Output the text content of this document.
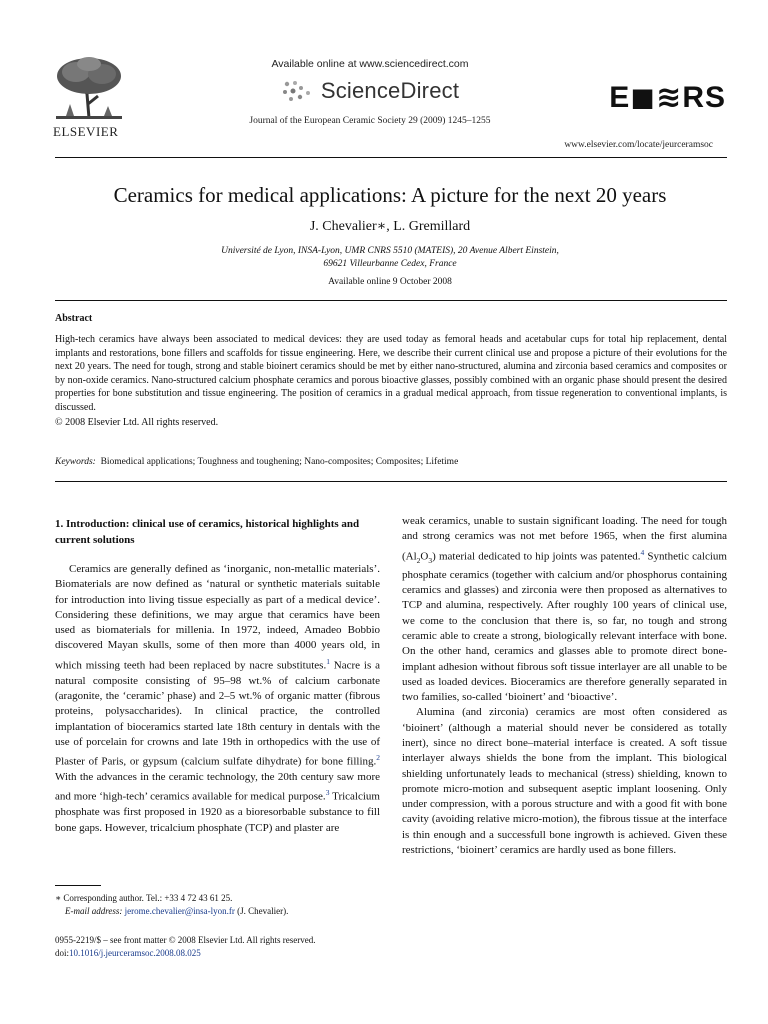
ELSEVIER
Available online at www.sciencedirect.com
ScienceDirect
Journal of the European Ceramic Society 29 (2009) 1245–1255
E◼≋RS
www.elsevier.com/locate/jeurceramsoc
Ceramics for medical applications: A picture for the next 20 years
J. Chevalier∗, L. Gremillard
Université de Lyon, INSA-Lyon, UMR CNRS 5510 (MATEIS), 20 Avenue Albert Einstein,
69621 Villeurbanne Cedex, France
Available online 9 October 2008
Abstract
High-tech ceramics have always been associated to medical devices: they are used today as femoral heads and acetabular cups for total hip replacement, dental implants and restorations, bone fillers and scaffolds for tissue engineering. Here, we describe their current clinical use and propose a picture of their evolutions for the next 20 years. The need for tough, strong and stable bioinert ceramics should be met by either nano-structured, alumina and zirconia based ceramics and composites or by non-oxide ceramics. Nano-structured calcium phosphate ceramics and porous bioactive glasses, possibly combined with an organic phase should present the desired properties for bone substitution and tissue engineering. The position of ceramics in a gradual medical approach, from tissue regeneration to conventional implants, is discussed.
© 2008 Elsevier Ltd. All rights reserved.
Keywords: Biomedical applications; Toughness and toughening; Nano-composites; Composites; Lifetime
1. Introduction: clinical use of ceramics, historical highlights and current solutions

Ceramics are generally defined as ‘inorganic, non-metallic materials’. Biomaterials are now defined as ‘natural or synthetic materials suitable for introduction into living tissue especially as part of a medical device’. Considering these definitions, we may argue that ceramics have been used as biomaterials for millenia. In 1972, indeed, Amadeo Bobbio discovered Mayan skulls, some of then more than 4000 years old, in which missing teeth had been replaced by nacre substitutes.$^1$ Nacre is a natural composite consisting of 95–98 wt.% of calcium carbonate (aragonite, the ‘ceramic’ phase) and 2–5 wt.% of organic matter (fibrous proteins, polysaccharides). In clinical practice, the controlled implantation of bioceramics started late 18th century in dentals with the use of porcelain for crowns and late 19th in orthopedics with the use of Plaster of Paris, or gypsum (calcium sulfate dihydrate) for bone filling.$^2$ With the advances in the ceramic technology, the 20th century saw more and more ‘high-tech’ ceramics available for medical purpose.$^3$ Tricalcium phosphate was first proposed in 1920 as a bioresorbable substance to fill bone gaps. However, tricalcium phosphate (TCP) and plaster are

weak ceramics, unable to sustain significant loading. The need for tough and strong ceramics was not met before 1965, when the first alumina $(Al_2O_3)$ material dedicated to hip joints was patented.$^4$ Synthetic calcium phosphate ceramics (together with calcium and/or phosphorus containing ceramics and glasses) and zirconia were then proposed as alternatives to TCP and alumina, respectively. After roughly 100 years of clinical use, we come to the conclusion that there is, so far, no tough and strong ceramic able to create a strong, biologically relevant interface with bone. On the other hand, ceramics and glasses able to promote direct bone-implant adhesion without fibrous soft tissue interlayer are all unable to be used as loaded devices. Bioceramics are therefore generally separated in two families, so-called ‘bioinert’ and ‘bioactive’.

Alumina (and zirconia) ceramics are most often considered as ‘bioinert’ (although a material should never be considered as totally inert), since no direct bone–material interface is created. A soft tissue interlayer always shields the bone from the implant. This biological shielding unfortunately leads to mechanical (stress) shielding, known to promote micro-motion and subsequent aseptic implant loosening. Only under compression, with a porous structure and with a good fit with bone cavity (avoiding relative micro-motion), the fibrous tissue at the interface is thin enough and a successfull bone ingrowth is achieved. Given these restrictions, ‘bioinert’ ceramics are hardly used as bone fillers.

∗ Corresponding author. Tel.: +33 4 72 43 61 25.
E-mail address: jerome.chevalier@insa-lyon.fr (J. Chevalier).
0955-2219/$ – see front matter © 2008 Elsevier Ltd. All rights reserved.
doi:10.1016/j.jeurceramsoc.2008.08.025
